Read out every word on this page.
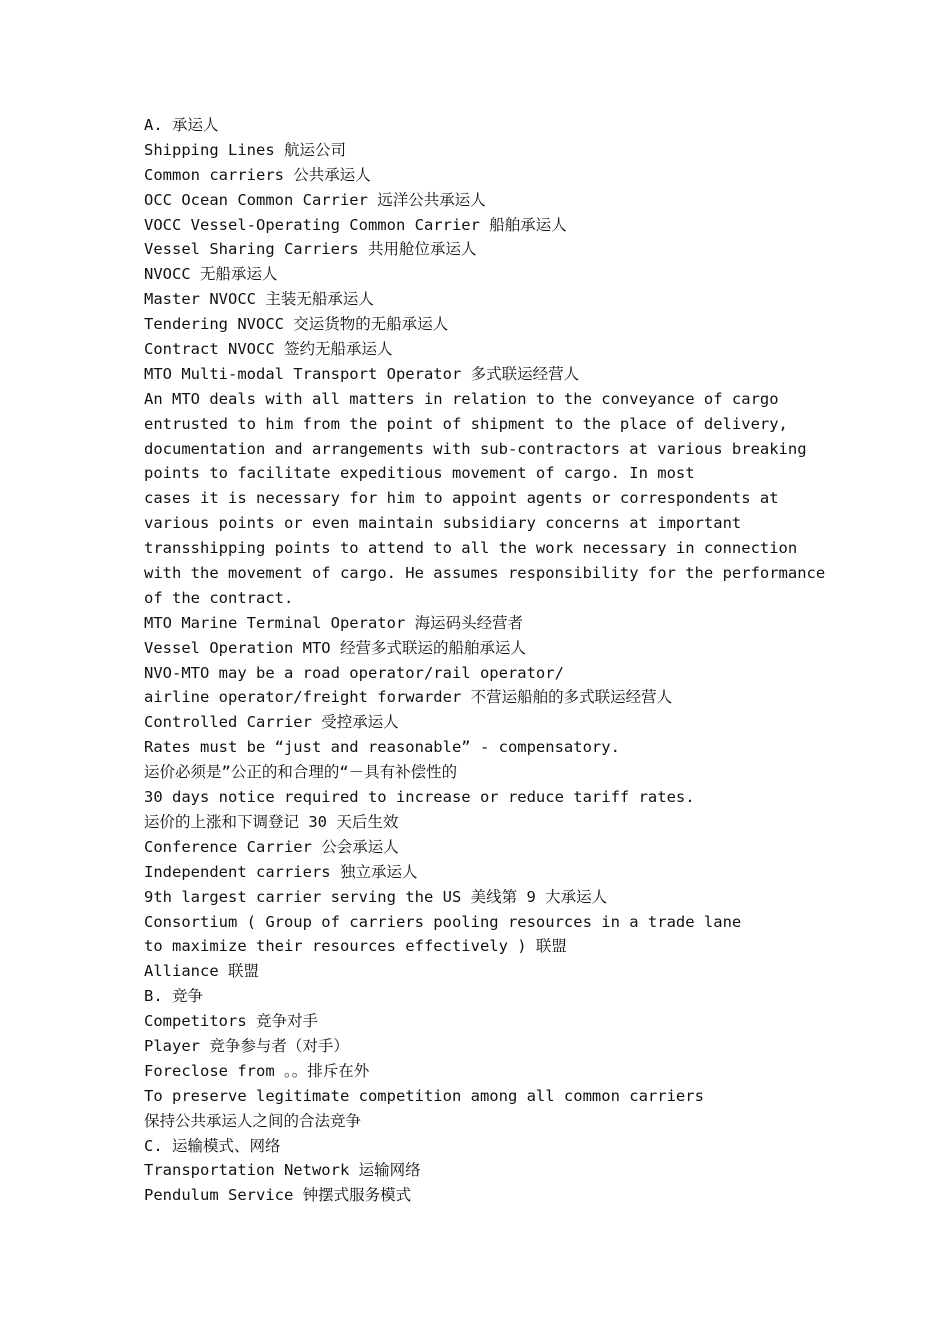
A. 承运人

Shipping Lines 航运公司

Common carriers 公共承运人

OCC Ocean Common Carrier 远洋公共承运人

VOCC Vessel-Operating Common Carrier 船舶承运人

Vessel Sharing Carriers 共用舱位承运人

NVOCC 无船承运人

Master NVOCC 主装无船承运人

Tendering NVOCC 交运货物的无船承运人

Contract NVOCC 签约无船承运人

MTO Multi-modal Transport Operator 多式联运经营人

An MTO deals with all matters in relation to the conveyance of cargo

entrusted to him from the point of shipment to the place of delivery,

documentation and arrangements with sub-contractors at various breaking

points to facilitate expeditious movement of cargo. In most

cases it is necessary for him to appoint agents or correspondents at

various points or even maintain subsidiary concerns at important

transshipping points to attend to all the work necessary in connection

with the movement of cargo. He assumes responsibility for the performance

of the contract.

MTO Marine Terminal Operator 海运码头经营者

Vessel Operation MTO 经营多式联运的船舶承运人

NVO-MTO may be a road operator/rail operator/

airline operator/freight forwarder 不营运船舶的多式联运经营人

Controlled Carrier 受控承运人

Rates must be “just and reasonable” - compensatory.

运价必须是”公正的和合理的“－具有补偿性的

30 days notice required to increase or reduce tariff rates.

运价的上涨和下调登记 30 天后生效

Conference Carrier 公会承运人

Independent carriers 独立承运人

9th largest carrier serving the US 美线第 9 大承运人

Consortium ( Group of carriers pooling resources in a trade lane

to maximize their resources effectively ) 联盟

Alliance 联盟

B. 竞争

Competitors 竞争对手

Player 竞争参与者（对手）

Foreclose from 。。排斥在外

To preserve legitimate competition among all common carriers

保持公共承运人之间的合法竞争

C. 运输模式、网络

Transportation Network 运输网络

Pendulum Service 钟摆式服务模式
